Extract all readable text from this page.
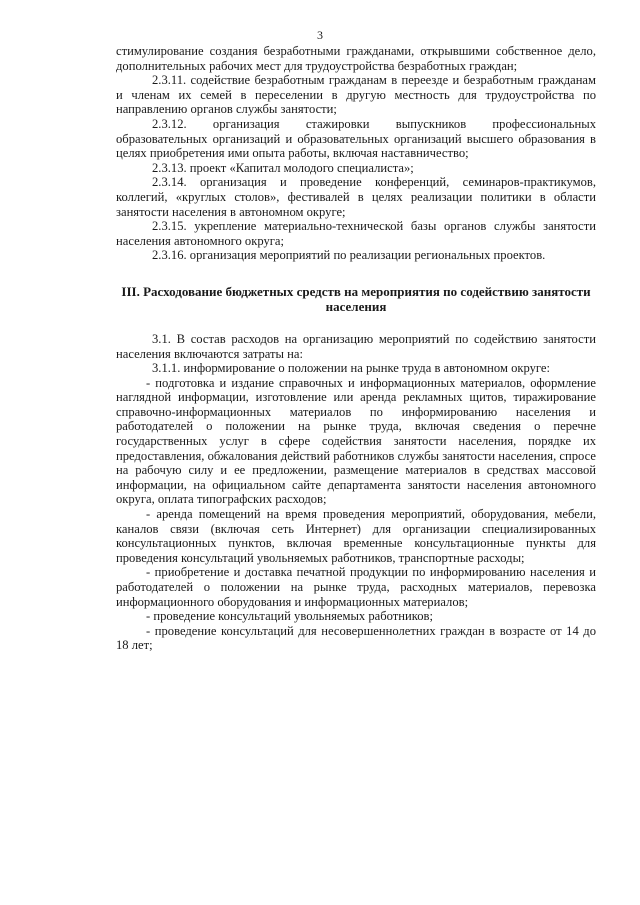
3

стимулирование создания безработными гражданами, открывшими собственное дело, дополнительных рабочих мест для трудоустройства безработных граждан;

2.3.11. содействие безработным гражданам в переезде и безработным гражданам и членам их семей в переселении в другую местность для трудоустройства по направлению органов службы занятости;

2.3.12. организация стажировки выпускников профессиональных образовательных организаций и образовательных организаций высшего образования в целях приобретения ими опыта работы, включая наставничество;

2.3.13. проект «Капитал молодого специалиста»;

2.3.14. организация и проведение конференций, семинаров-практикумов, коллегий, «круглых столов», фестивалей в целях реализации политики в области занятости населения в автономном округе;

2.3.15. укрепление материально-технической базы органов службы занятости населения автономного округа;

2.3.16. организация мероприятий по реализации региональных проектов.

III. Расходование бюджетных средств на мероприятия по содействию занятости населения

3.1. В состав расходов на организацию мероприятий по содействию занятости населения включаются затраты на:

3.1.1. информирование о положении на рынке труда в автономном округе:

- подготовка и издание справочных и информационных материалов, оформление наглядной информации, изготовление или аренда рекламных щитов, тиражирование справочно-информационных материалов по информированию населения и работодателей о положении на рынке труда, включая сведения о перечне государственных услуг в сфере содействия занятости населения, порядке их предоставления, обжалования действий работников службы занятости населения, спросе на рабочую силу и ее предложении, размещение материалов в средствах массовой информации, на официальном сайте департамента занятости населения автономного округа, оплата типографских расходов;

- аренда помещений на время проведения мероприятий, оборудования, мебели, каналов связи (включая сеть Интернет) для организации специализированных консультационных пунктов, включая временные консультационные пункты для проведения консультаций увольняемых работников, транспортные расходы;

- приобретение и доставка печатной продукции по информированию населения и работодателей о положении на рынке труда, расходных материалов, перевозка информационного оборудования и информационных материалов;

- проведение консультаций увольняемых работников;

- проведение консультаций для несовершеннолетних граждан в возрасте от 14 до 18 лет;
